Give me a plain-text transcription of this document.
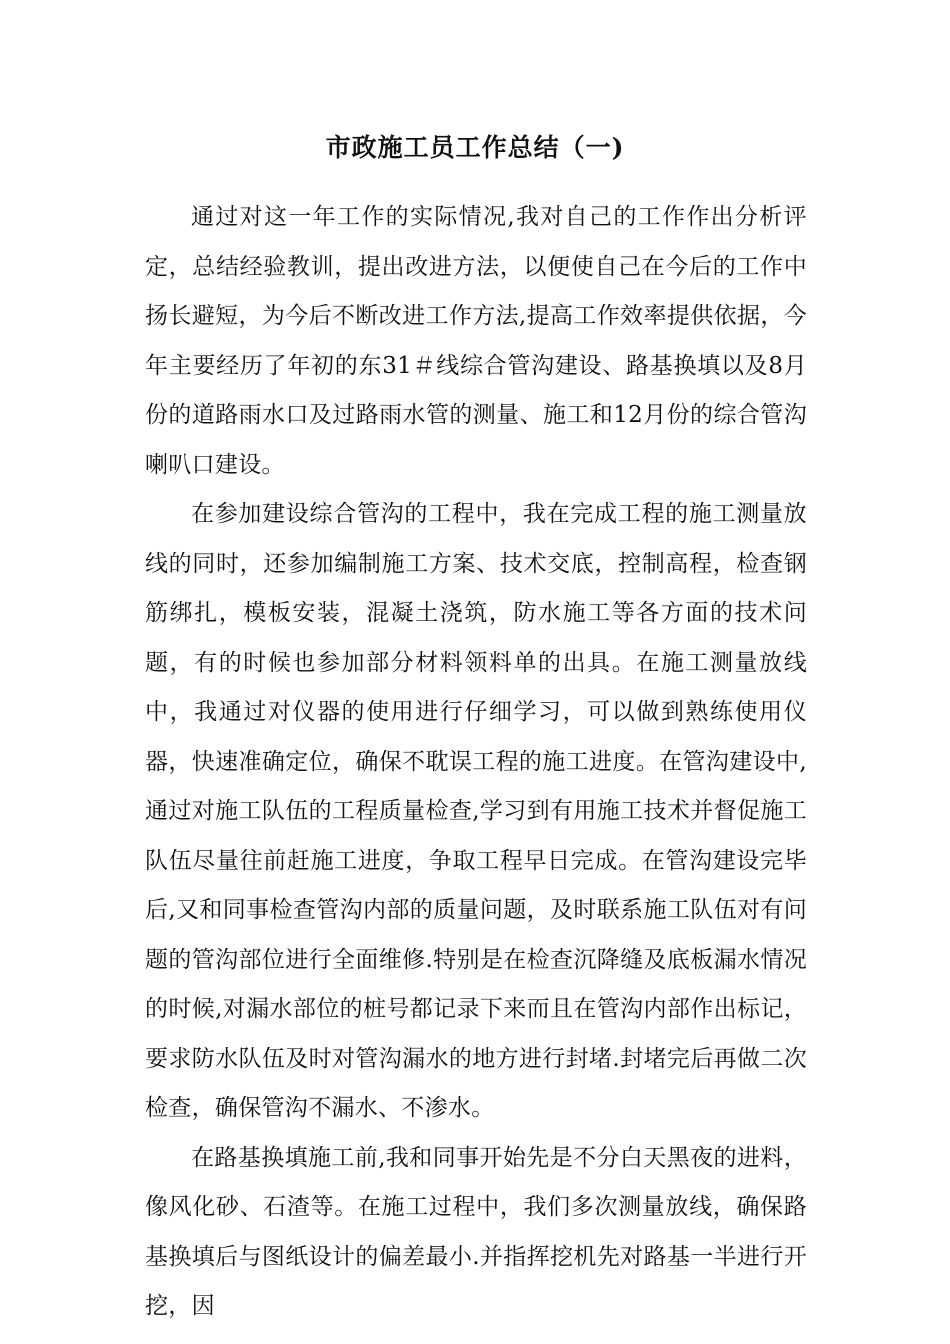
市政施工员工作总结（一)

通过对这一年工作的实际情况,我对自己的工作作出分析评定，总结经验教训，提出改进方法，以便使自己在今后的工作中扬长避短，为今后不断改进工作方法,提高工作效率提供依据，今年主要经历了年初的东31＃线综合管沟建设、路基换填以及8月份的道路雨水口及过路雨水管的测量、施工和12月份的综合管沟喇叭口建设。

在参加建设综合管沟的工程中，我在完成工程的施工测量放线的同时，还参加编制施工方案、技术交底，控制高程，检查钢筋绑扎，模板安装，混凝土浇筑，防水施工等各方面的技术问题，有的时候也参加部分材料领料单的出具。在施工测量放线中，我通过对仪器的使用进行仔细学习，可以做到熟练使用仪器，快速准确定位，确保不耽误工程的施工进度。在管沟建设中,通过对施工队伍的工程质量检查,学习到有用施工技术并督促施工队伍尽量往前赶施工进度，争取工程早日完成。在管沟建设完毕后,又和同事检查管沟内部的质量问题，及时联系施工队伍对有问题的管沟部位进行全面维修.特别是在检查沉降缝及底板漏水情况的时候,对漏水部位的桩号都记录下来而且在管沟内部作出标记，要求防水队伍及时对管沟漏水的地方进行封堵.封堵完后再做二次检查，确保管沟不漏水、不渗水。

在路基换填施工前,我和同事开始先是不分白天黑夜的进料，像风化砂、石渣等。在施工过程中，我们多次测量放线，确保路基换填后与图纸设计的偏差最小.并指挥挖机先对路基一半进行开挖，因
